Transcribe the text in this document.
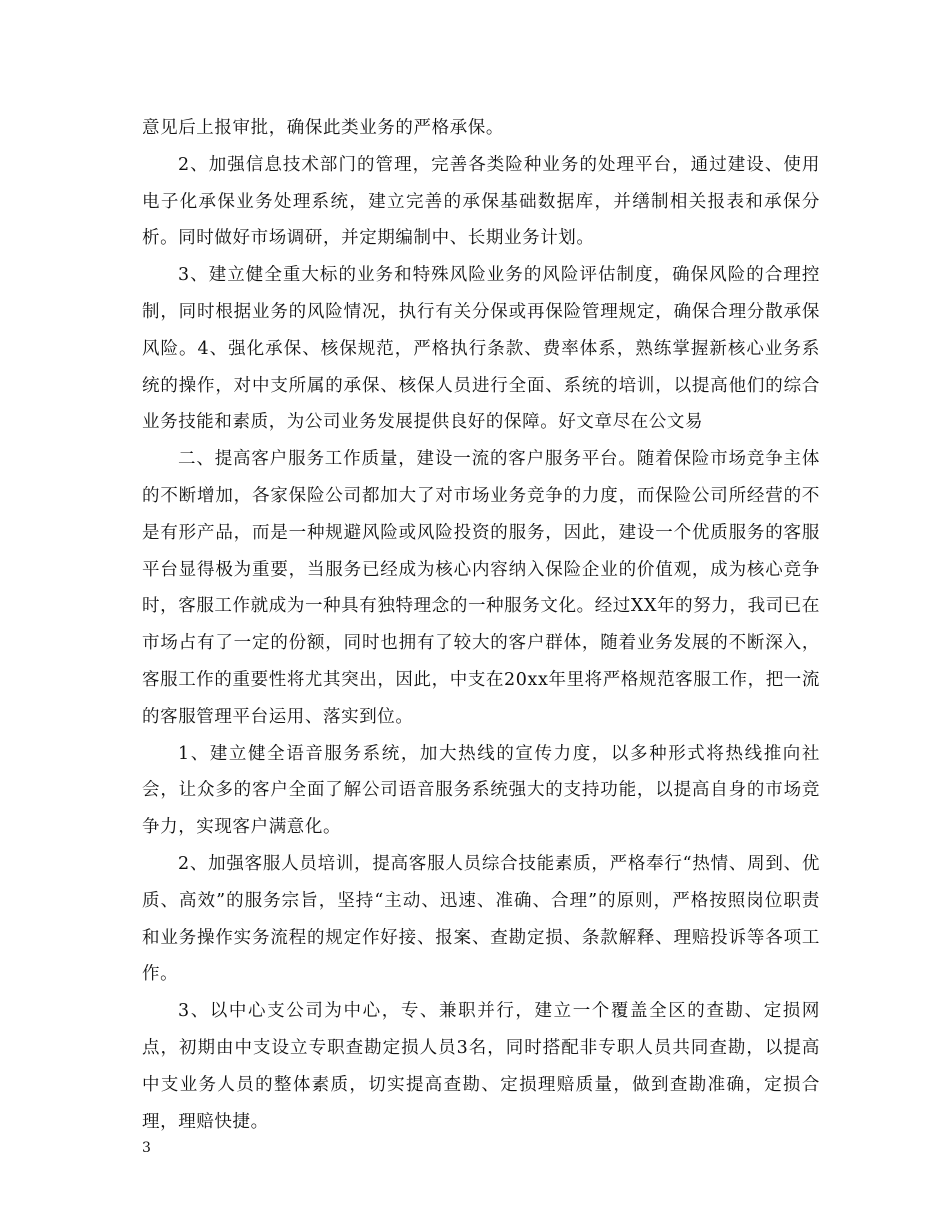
意见后上报审批，确保此类业务的严格承保。

2、加强信息技术部门的管理，完善各类险种业务的处理平台，通过建设、使用电子化承保业务处理系统，建立完善的承保基础数据库，并缮制相关报表和承保分析。同时做好市场调研，并定期编制中、长期业务计划。

3、建立健全重大标的业务和特殊风险业务的风险评估制度，确保风险的合理控制，同时根据业务的风险情况，执行有关分保或再保险管理规定，确保合理分散承保风险。4、强化承保、核保规范，严格执行条款、费率体系，熟练掌握新核心业务系统的操作，对中支所属的承保、核保人员进行全面、系统的培训，以提高他们的综合业务技能和素质，为公司业务发展提供良好的保障。好文章尽在公文易

二、提高客户服务工作质量，建设一流的客户服务平台。随着保险市场竞争主体的不断增加，各家保险公司都加大了对市场业务竞争的力度，而保险公司所经营的不是有形产品，而是一种规避风险或风险投资的服务，因此，建设一个优质服务的客服平台显得极为重要，当服务已经成为核心内容纳入保险企业的价值观，成为核心竞争时，客服工作就成为一种具有独特理念的一种服务文化。经过XX年的努力，我司已在市场占有了一定的份额，同时也拥有了较大的客户群体，随着业务发展的不断深入，客服工作的重要性将尤其突出，因此，中支在20xx年里将严格规范客服工作，把一流的客服管理平台运用、落实到位。

1、建立健全语音服务系统，加大热线的宣传力度，以多种形式将热线推向社会，让众多的客户全面了解公司语音服务系统强大的支持功能，以提高自身的市场竞争力，实现客户满意化。

2、加强客服人员培训，提高客服人员综合技能素质，严格奉行“热情、周到、优质、高效”的服务宗旨，坚持“主动、迅速、准确、合理”的原则，严格按照岗位职责和业务操作实务流程的规定作好接、报案、查勘定损、条款解释、理赔投诉等各项工作。

3、以中心支公司为中心，专、兼职并行，建立一个覆盖全区的查勘、定损网点，初期由中支设立专职查勘定损人员3名，同时搭配非专职人员共同查勘，以提高中支业务人员的整体素质，切实提高查勘、定损理赔质量，做到查勘准确，定损合理，理赔快捷。

3
